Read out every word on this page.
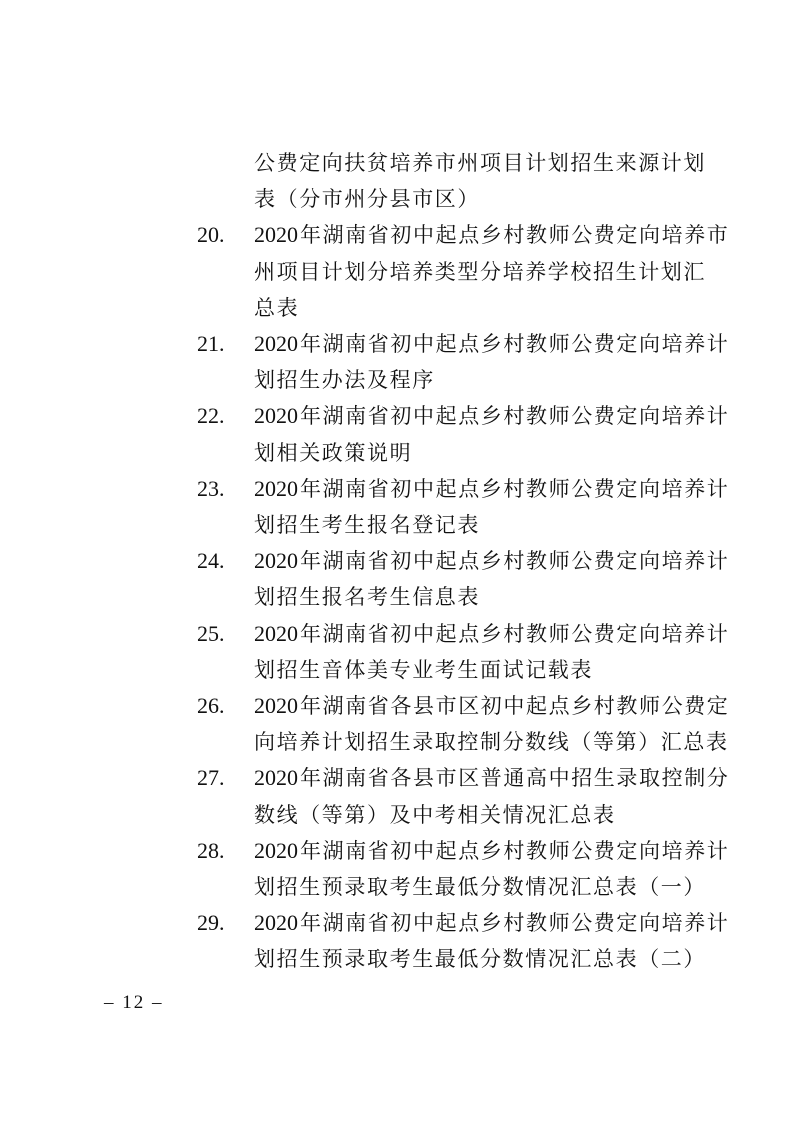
公费定向扶贫培养市州项目计划招生来源计划
表（分市州分县市区）
20. 2020年湖南省初中起点乡村教师公费定向培养市
州项目计划分培养类型分培养学校招生计划汇
总表
21. 2020年湖南省初中起点乡村教师公费定向培养计
划招生办法及程序
22. 2020年湖南省初中起点乡村教师公费定向培养计
划相关政策说明
23. 2020年湖南省初中起点乡村教师公费定向培养计
划招生考生报名登记表
24. 2020年湖南省初中起点乡村教师公费定向培养计
划招生报名考生信息表
25. 2020年湖南省初中起点乡村教师公费定向培养计
划招生音体美专业考生面试记载表
26. 2020年湖南省各县市区初中起点乡村教师公费定
向培养计划招生录取控制分数线（等第）汇总表
27. 2020年湖南省各县市区普通高中招生录取控制分
数线（等第）及中考相关情况汇总表
28. 2020年湖南省初中起点乡村教师公费定向培养计
划招生预录取考生最低分数情况汇总表（一）
29. 2020年湖南省初中起点乡村教师公费定向培养计
划招生预录取考生最低分数情况汇总表（二）
– 12 –
